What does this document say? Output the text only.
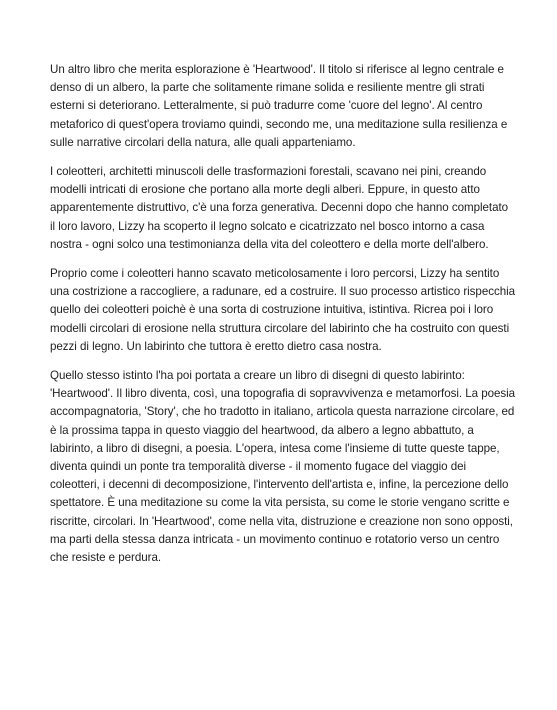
Un altro libro che merita esplorazione è 'Heartwood'. Il titolo si riferisce al legno centrale e denso di un albero, la parte che solitamente rimane solida e resiliente mentre gli strati esterni si deteriorano. Letteralmente, si può tradurre come 'cuore del legno'. Al centro metaforico di quest'opera troviamo quindi, secondo me, una meditazione sulla resilienza e sulle narrative circolari della natura, alle quali apparteniamo.

I coleotteri, architetti minuscoli delle trasformazioni forestali, scavano nei pini, creando modelli intricati di erosione che portano alla morte degli alberi. Eppure, in questo atto apparentemente distruttivo, c'è una forza generativa. Decenni dopo che hanno completato il loro lavoro, Lizzy ha scoperto il legno solcato e cicatrizzato nel bosco intorno a casa nostra - ogni solco una testimonianza della vita del coleottero e della morte dell'albero.

Proprio come i coleotteri hanno scavato meticolosamente i loro percorsi, Lizzy ha sentito una costrizione a raccogliere, a radunare, ed a costruire. Il suo processo artistico rispecchia quello dei coleotteri poichè è una sorta di costruzione intuitiva, istintiva. Ricrea poi i loro modelli circolari di erosione nella struttura circolare del labirinto che ha costruito con questi pezzi di legno. Un labirinto che tuttora è eretto dietro casa nostra.

Quello stesso istinto l'ha poi portata a creare un libro di disegni di questo labirinto: 'Heartwood'. Il libro diventa, così, una topografia di sopravvivenza e metamorfosi. La poesia accompagnatoria, 'Story', che ho tradotto in italiano, articola questa narrazione circolare, ed è la prossima tappa in questo viaggio del heartwood, da albero a legno abbattuto, a labirinto, a libro di disegni, a poesia. L'opera, intesa come l'insieme di tutte queste tappe, diventa quindi un ponte tra temporalità diverse - il momento fugace del viaggio dei coleotteri, i decenni di decomposizione, l'intervento dell'artista e, infine, la percezione dello spettatore. È una meditazione su come la vita persista, su come le storie vengano scritte e riscritte, circolari. In 'Heartwood', come nella vita, distruzione e creazione non sono opposti, ma parti della stessa danza intricata - un movimento continuo e rotatorio verso un centro che resiste e perdura.
